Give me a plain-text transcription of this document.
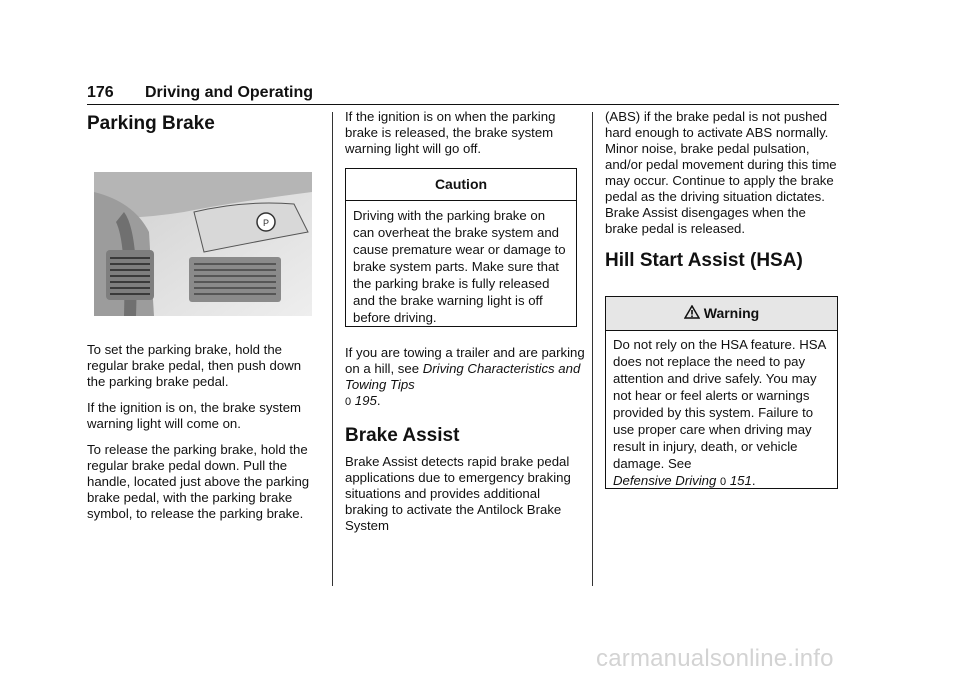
176 Driving and Operating
Parking Brake

To set the parking brake, hold the regular brake pedal, then push down the parking brake pedal.

If the ignition is on, the brake system warning light will come on.

To release the parking brake, hold the regular brake pedal down. Pull the handle, located just above the parking brake pedal, with the parking brake symbol, to release the parking brake.

P

If the ignition is on when the parking brake is released, the brake system warning light will go off.

Caution
Driving with the parking brake on can overheat the brake system and cause premature wear or damage to brake system parts. Make sure that the parking brake is fully released and the brake warning light is off before driving.

If you are towing a trailer and are parking on a hill, see Driving Characteristics and Towing Tips
0 195.

Brake Assist

Brake Assist detects rapid brake pedal applications due to emergency braking situations and provides additional braking to activate the Antilock Brake System

(ABS) if the brake pedal is not pushed hard enough to activate ABS normally. Minor noise, brake pedal pulsation, and/or pedal movement during this time may occur. Continue to apply the brake pedal as the driving situation dictates. Brake Assist disengages when the brake pedal is released.

Hill Start Assist (HSA)
Warning
Do not rely on the HSA feature. HSA does not replace the need to pay attention and drive safely. You may not hear or feel alerts or warnings provided by this system. Failure to use proper care when driving may result in injury, death, or vehicle damage. See
Defensive Driving 0 151.
carmanualsonline.info
